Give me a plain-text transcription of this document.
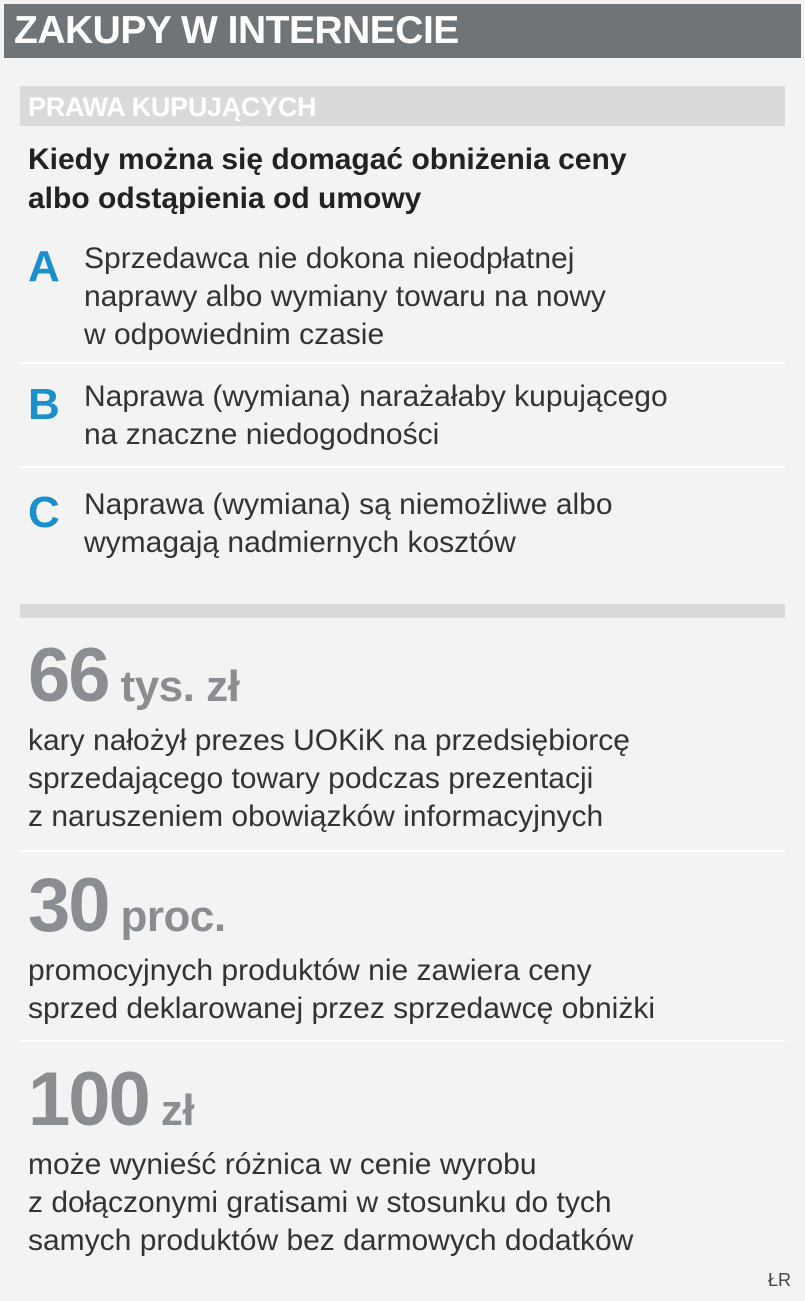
ZAKUPY W INTERNECIE
PRAWA KUPUJĄCYCH
Kiedy można się domagać obniżenia ceny
albo odstąpienia od umowy
A Sprzedawca nie dokona nieodpłatnej
naprawy albo wymiany towaru na nowy
w odpowiednim czasie
B Naprawa (wymiana) narażałaby kupującego
na znaczne niedogodności
C Naprawa (wymiana) są niemożliwe albo
wymagają nadmiernych kosztów
66 tys. zł
kary nałożył prezes UOKiK na przedsiębiorcę
sprzedającego towary podczas prezentacji
z naruszeniem obowiązków informacyjnych
30 proc.
promocyjnych produktów nie zawiera ceny
sprzed deklarowanej przez sprzedawcę obniżki
100 zł
może wynieść różnica w cenie wyrobu
z dołączonymi gratisami w stosunku do tych
samych produktów bez darmowych dodatków
ŁR
